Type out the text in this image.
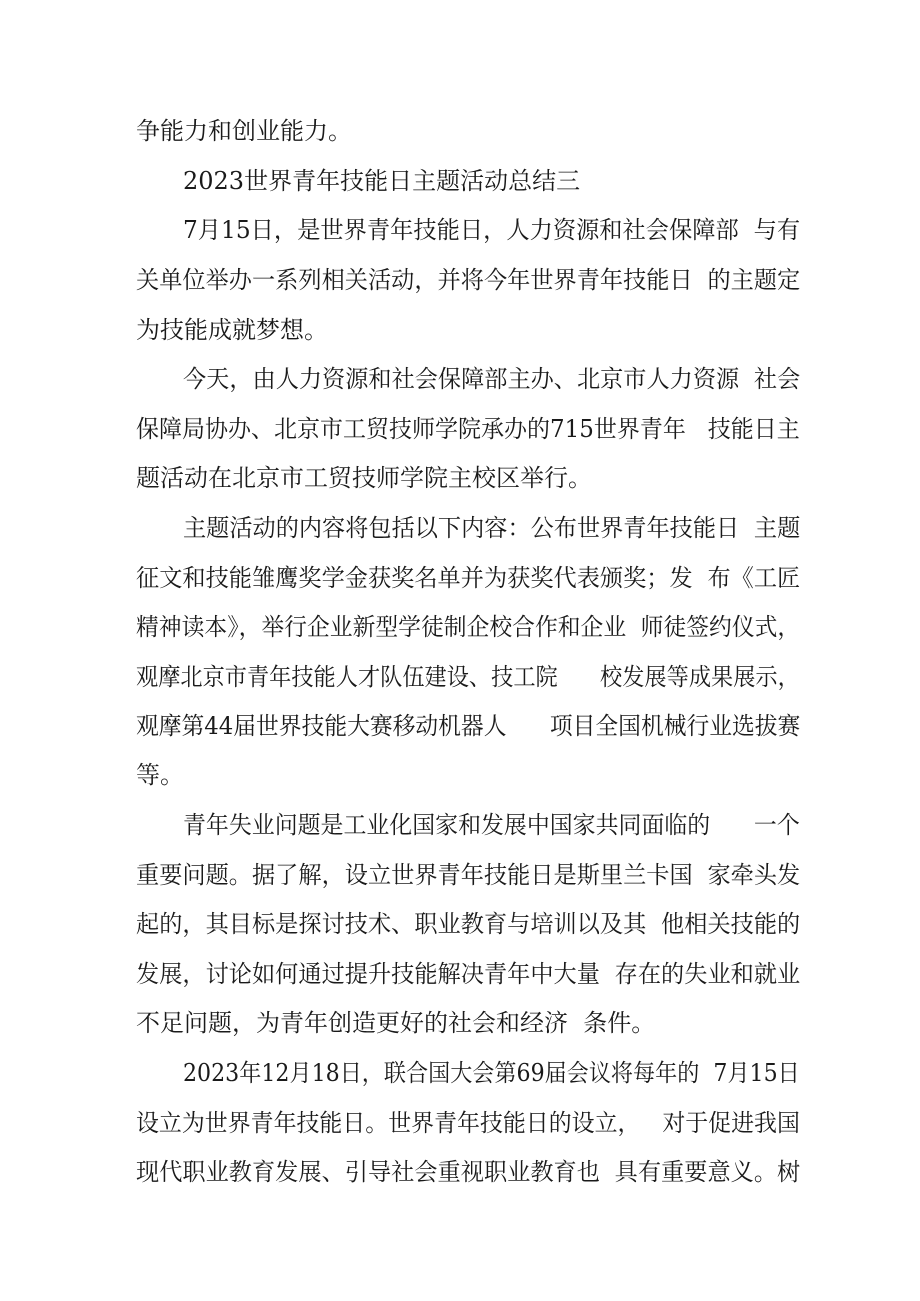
争能力和创业能力。
2023世界青年技能日主题活动总结三
7月15日，是世界青年技能日，人力资源和社会保障部  与有
关单位举办一系列相关活动，并将今年世界青年技能日  的主题定
为技能成就梦想。
今天，由人力资源和社会保障部主办、北京市人力资源  社会
保障局协办、北京市工贸技师学院承办的715世界青年   技能日主
题活动在北京市工贸技师学院主校区举行。
主题活动的内容将包括以下内容：公布世界青年技能日  主题
征文和技能雏鹰奖学金获奖名单并为获奖代表颁奖；发  布《工匠
精神读本》，举行企业新型学徒制企校合作和企业  师徒签约仪式，
观摩北京市青年技能人才队伍建设、技工院      校发展等成果展示，
观摩第44届世界技能大赛移动机器人      项目全国机械行业选拔赛
等。
青年失业问题是工业化国家和发展中国家共同面临的      一个
重要问题。据了解，设立世界青年技能日是斯里兰卡国  家牵头发
起的，其目标是探讨技术、职业教育与培训以及其  他相关技能的
发展，讨论如何通过提升技能解决青年中大量  存在的失业和就业
不足问题，为青年创造更好的社会和经济  条件。
2023年12月18日，联合国大会第69届会议将每年的  7月15日
设立为世界青年技能日。世界青年技能日的设立，   对于促进我国
现代职业教育发展、引导社会重视职业教育也  具有重要意义。树
